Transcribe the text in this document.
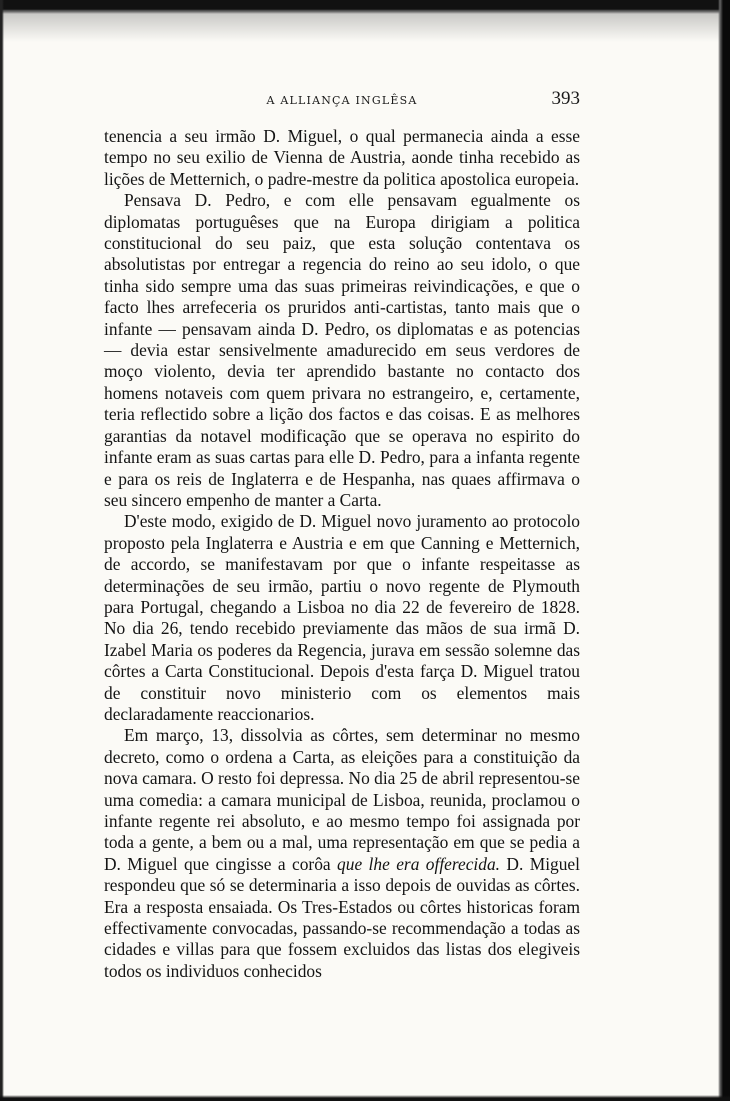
A ALLIANÇA INGLÊSA	393

tenencia a seu irmão D. Miguel, o qual permanecia ainda a esse tempo no seu exilio de Vienna de Austria, aonde tinha recebido as lições de Metternich, o padre-mestre da politica apostolica europeia.

Pensava D. Pedro, e com elle pensavam egualmente os diplomatas portuguêses que na Europa dirigiam a politica constitucional do seu paiz, que esta solução contentava os absolutistas por entregar a regencia do reino ao seu idolo, o que tinha sido sempre uma das suas primeiras reivindicações, e que o facto lhes arrefeceria os pruridos anti-cartistas, tanto mais que o infante — pensavam ainda D. Pedro, os diplomatas e as potencias — devia estar sensivelmente amadurecido em seus verdores de moço violento, devia ter aprendido bastante no contacto dos homens notaveis com quem privara no estrangeiro, e, certamente, teria reflectido sobre a lição dos factos e das coisas. E as melhores garantias da notavel modificação que se operava no espirito do infante eram as suas cartas para elle D. Pedro, para a infanta regente e para os reis de Inglaterra e de Hespanha, nas quaes affirmava o seu sincero empenho de manter a Carta.

D'este modo, exigido de D. Miguel novo juramento ao protocolo proposto pela Inglaterra e Austria e em que Canning e Metternich, de accordo, se manifestavam por que o infante respeitasse as determinações de seu irmão, partiu o novo regente de Plymouth para Portugal, chegando a Lisboa no dia 22 de fevereiro de 1828. No dia 26, tendo recebido previamente das mãos de sua irmã D. Izabel Maria os poderes da Regencia, jurava em sessão solemne das côrtes a Carta Constitucional. Depois d'esta farça D. Miguel tratou de constituir novo ministerio com os elementos mais declaradamente reaccionarios.

Em março, 13, dissolvia as côrtes, sem determinar no mesmo decreto, como o ordena a Carta, as eleições para a constituição da nova camara. O resto foi depressa. No dia 25 de abril representou-se uma comedia: a camara municipal de Lisboa, reunida, proclamou o infante regente rei absoluto, e ao mesmo tempo foi assignada por toda a gente, a bem ou a mal, uma representação em que se pedia a D. Miguel que cingisse a corôa que lhe era offerecida. D. Miguel respondeu que só se determinaria a isso depois de ouvidas as côrtes. Era a resposta ensaiada. Os Tres-Estados ou côrtes historicas foram effectivamente convocadas, passando-se recommendação a todas as cidades e villas para que fossem excluidos das listas dos elegiveis todos os individuos conhecidos
